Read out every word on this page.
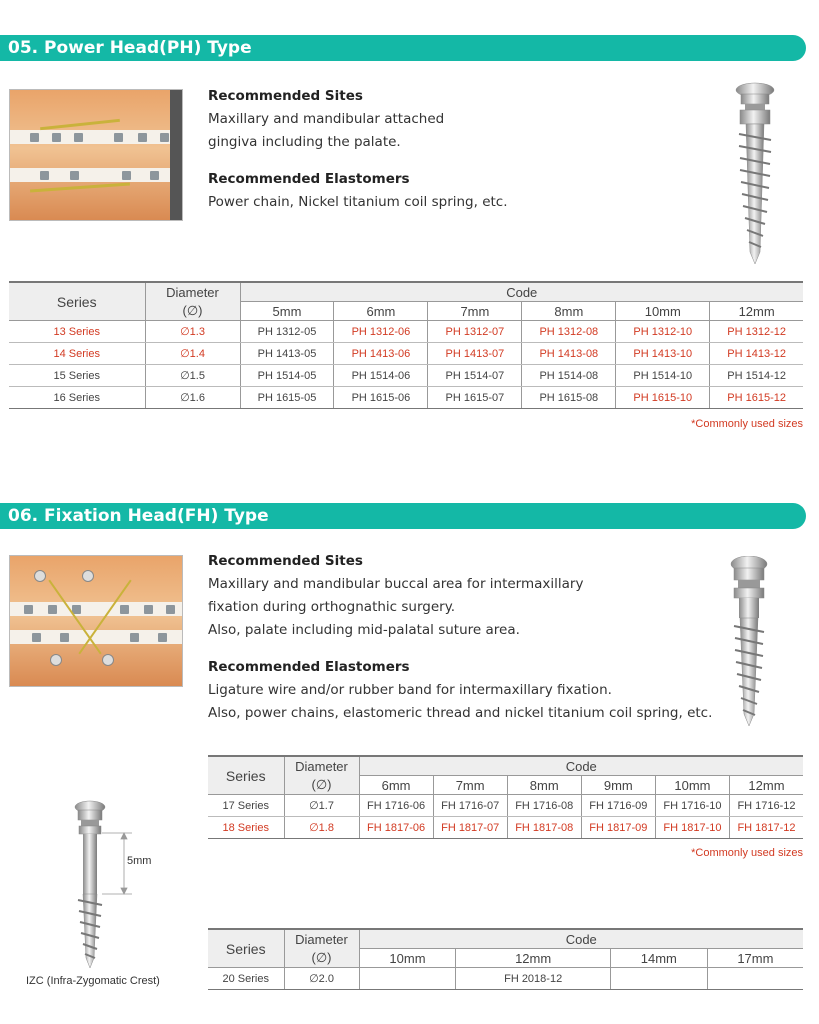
05. Power Head(PH) Type
Recommended Sites
Maxillary and mandibular attached
gingiva including the palate.
Recommended Elastomers
Power chain, Nickel titanium coil spring, etc.
Series	Diameter	Code					
	(∅)	5mm	6mm	7mm	8mm	10mm	12mm
13 Series	∅1.3	PH 1312-05	PH 1312-06	PH 1312-07	PH 1312-08	PH 1312-10	PH 1312-12
14 Series	∅1.4	PH 1413-05	PH 1413-06	PH 1413-07	PH 1413-08	PH 1413-10	PH 1413-12
15 Series	∅1.5	PH 1514-05	PH 1514-06	PH 1514-07	PH 1514-08	PH 1514-10	PH 1514-12
16 Series	∅1.6	PH 1615-05	PH 1615-06	PH 1615-07	PH 1615-08	PH 1615-10	PH 1615-12
*Commonly used sizes
06. Fixation Head(FH) Type
Recommended Sites
Maxillary and mandibular buccal area for intermaxillary
fixation during orthognathic surgery.
Also, palate including mid-palatal suture area.
Recommended Elastomers
Ligature wire and/or rubber band for intermaxillary fixation.
Also, power chains, elastomeric thread and nickel titanium coil spring, etc.
Series	Diameter	Code					
	(∅)	6mm	7mm	8mm	9mm	10mm	12mm
17 Series	∅1.7	FH 1716-06	FH 1716-07	FH 1716-08	FH 1716-09	FH 1716-10	FH 1716-12
18 Series	∅1.8	FH 1817-06	FH 1817-07	FH 1817-08	FH 1817-09	FH 1817-10	FH 1817-12
*Commonly used sizes
5mm
IZC (Infra-Zygomatic Crest)
Series	Diameter	Code			
	(∅)	10mm	12mm	14mm	17mm
20 Series	∅2.0		FH 2018-12		
